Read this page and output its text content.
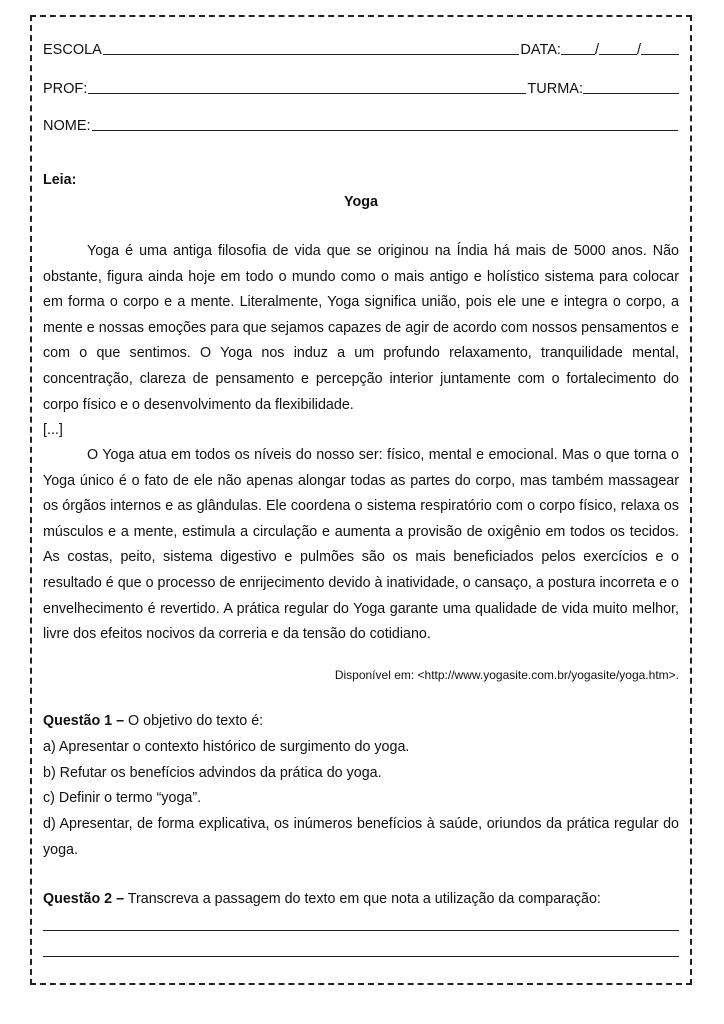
ESCOLA	DATA: /	/
PROF:	TURMA:
NOME:
Leia:
Yoga

Yoga é uma antiga filosofia de vida que se originou na Índia há mais de 5000 anos. Não obstante, figura ainda hoje em todo o mundo como o mais antigo e holístico sistema para colocar em forma o corpo e a mente. Literalmente, Yoga significa união, pois ele une e integra o corpo, a mente e nossas emoções para que sejamos capazes de agir de acordo com nossos pensamentos e com o que sentimos. O Yoga nos induz a um profundo relaxamento, tranquilidade mental, concentração, clareza de pensamento e percepção interior juntamente com o fortalecimento do corpo físico e o desenvolvimento da flexibilidade.

[...]

O Yoga atua em todos os níveis do nosso ser: físico, mental e emocional. Mas o que torna o Yoga único é o fato de ele não apenas alongar todas as partes do corpo, mas também massagear os órgãos internos e as glândulas. Ele coordena o sistema respiratório com o corpo físico, relaxa os músculos e a mente, estimula a circulação e aumenta a provisão de oxigênio em todos os tecidos. As costas, peito, sistema digestivo e pulmões são os mais beneficiados pelos exercícios e o resultado é que o processo de enrijecimento devido à inatividade, o cansaço, a postura incorreta e o envelhecimento é revertido. A prática regular do Yoga garante uma qualidade de vida muito melhor, livre dos efeitos nocivos da correria e da tensão do cotidiano.

Disponível em: <http://www.yogasite.com.br/yogasite/yoga.htm>.
Questão 1 – O objetivo do texto é:
a) Apresentar o contexto histórico de surgimento do yoga.
b) Refutar os benefícios advindos da prática do yoga.
c) Definir o termo “yoga”.
d) Apresentar, de forma explicativa, os inúmeros benefícios à saúde, oriundos da prática regular do yoga.
Questão 2 – Transcreva a passagem do texto em que nota a utilização da comparação:
